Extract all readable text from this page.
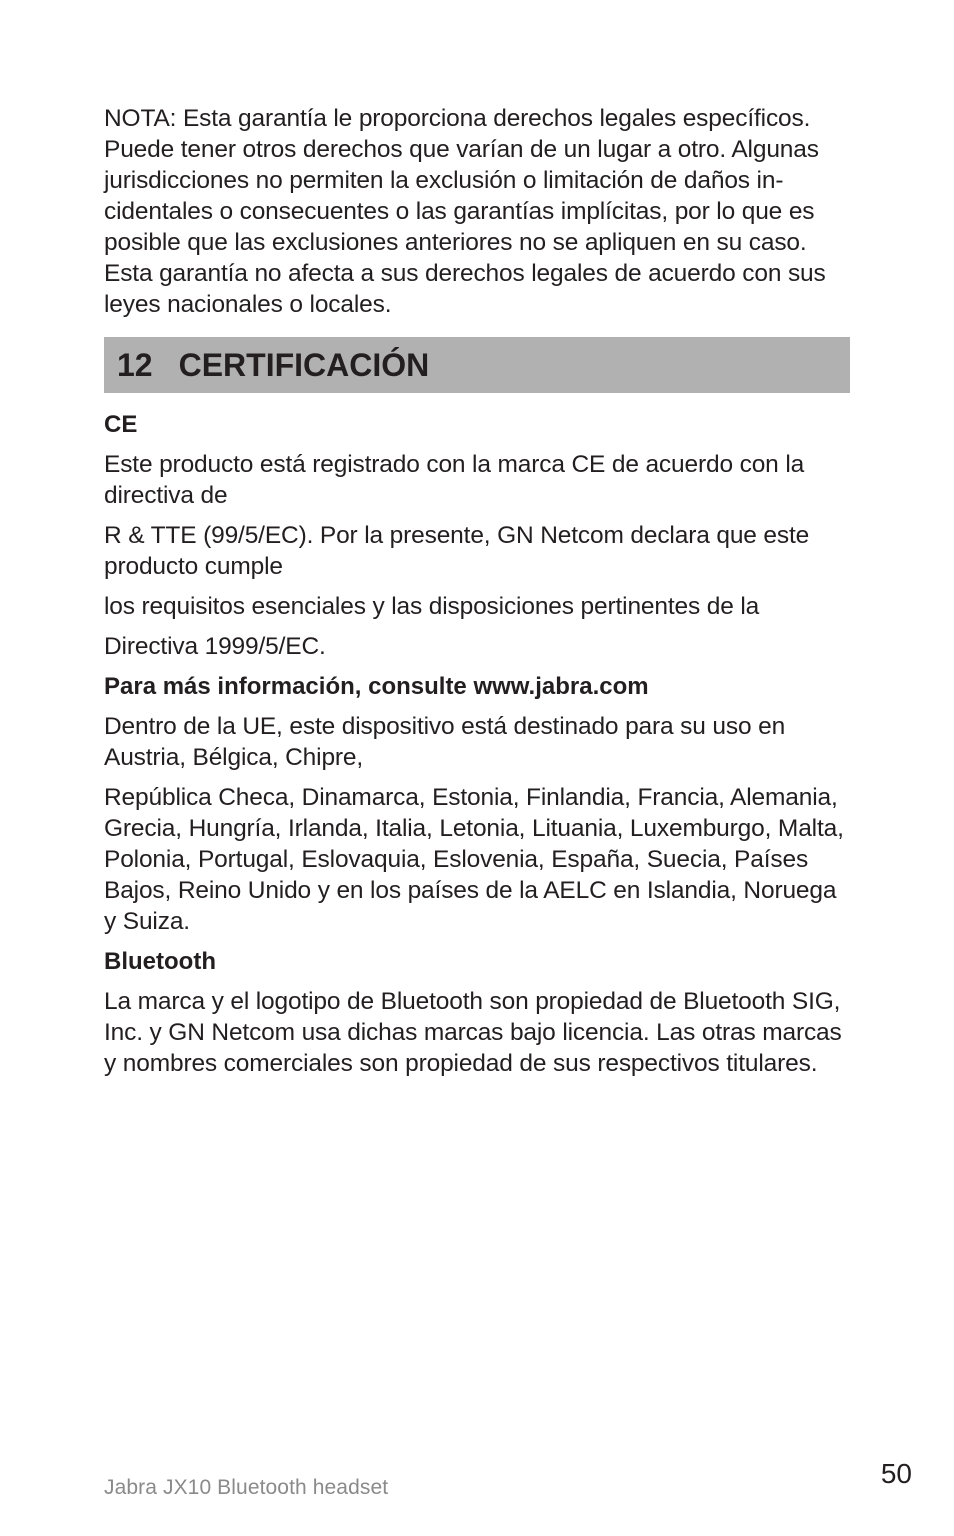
NOTA: Esta garantía le proporciona derechos legales específicos. Puede tener otros derechos que varían de un lugar a otro. Algunas jurisdicciones no permiten la exclusión o limitación de daños in-cidentales o consecuentes o las garantías implícitas, por lo que es posible que las exclusiones anteriores no se apliquen en su caso. Esta garantía no afecta a sus derechos legales de acuerdo con sus leyes nacionales o locales.

12 CERTIFICACIÓN
CE

Este producto está registrado con la marca CE de acuerdo con la directiva de

R & TTE (99/5/EC). Por la presente, GN Netcom declara que este producto cumple

los requisitos esenciales y las disposiciones pertinentes de la

Directiva 1999/5/EC.

Para más información, consulte www.jabra.com

Dentro de la UE, este dispositivo está destinado para su uso en Austria, Bélgica, Chipre,

República Checa, Dinamarca, Estonia, Finlandia, Francia, Alemania, Grecia, Hungría, Irlanda, Italia, Letonia, Lituania, Luxemburgo, Malta, Polonia, Portugal, Eslovaquia, Eslovenia, España, Suecia, Países Bajos, Reino Unido y en los países de la AELC en Islandia, Noruega y Suiza.

Bluetooth

La marca y el logotipo de Bluetooth son propiedad de Bluetooth SIG, Inc. y GN Netcom usa dichas marcas bajo licencia. Las otras marcas y nombres comerciales son propiedad de sus respectivos titulares.

Jabra JX10 Bluetooth headset	50
